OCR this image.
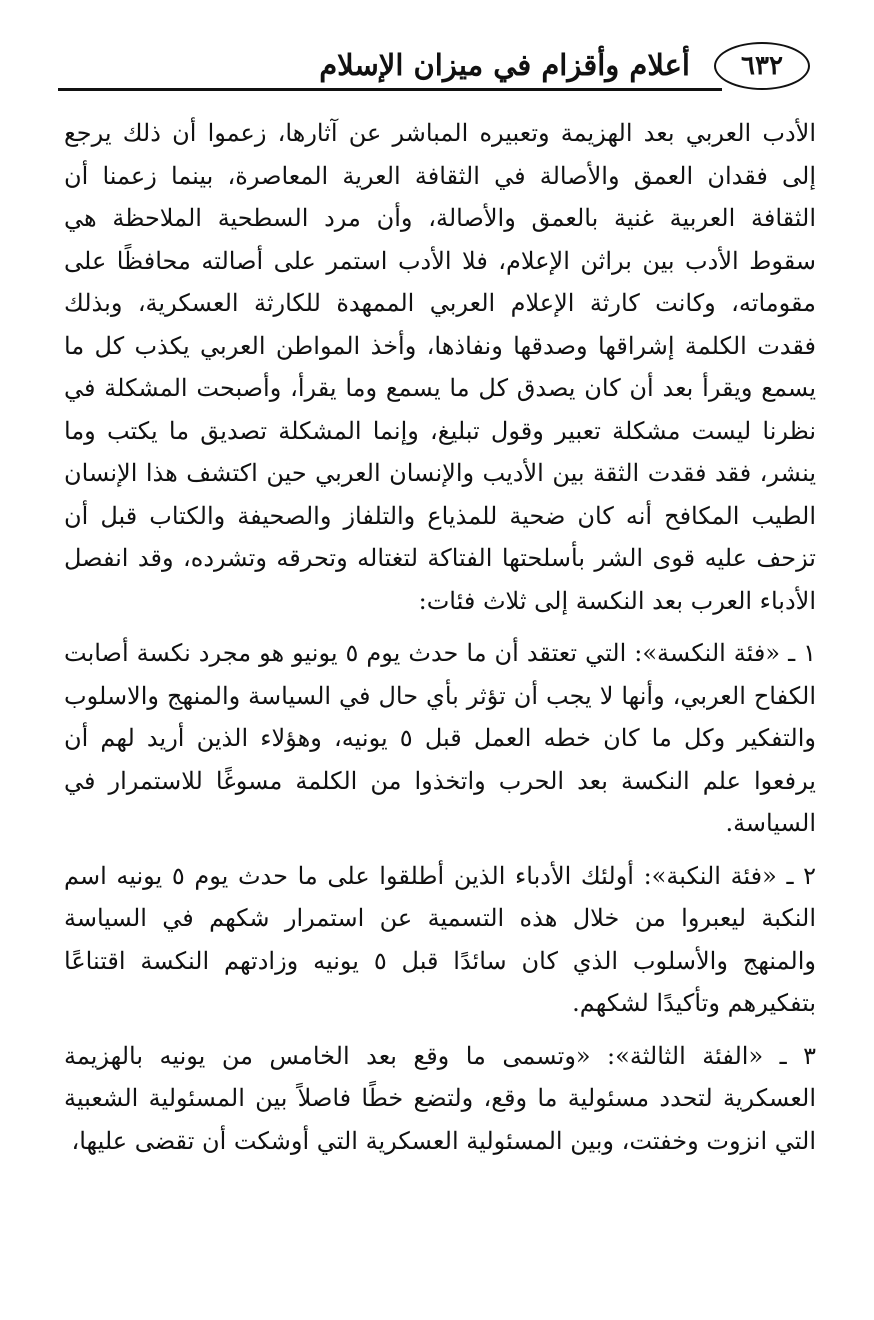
٦٣٢
أعلام وأقزام في ميزان الإسلام

الأدب العربي بعد الهزيمة وتعبيره المباشر عن آثارها، زعموا أن ذلك يرجع إلى فقدان العمق والأصالة في الثقافة العرية المعاصرة، بينما زعمنا أن الثقافة العربية غنية بالعمق والأصالة، وأن مرد السطحية الملاحظة هي سقوط الأدب بين براثن الإعلام، فلا الأدب استمر على أصالته محافظًا على مقوماته، وكانت كارثة الإعلام العربي الممهدة للكارثة العسكرية، وبذلك فقدت الكلمة إشراقها وصدقها ونفاذها، وأخذ المواطن العربي يكذب كل ما يسمع ويقرأ بعد أن كان يصدق كل ما يسمع وما يقرأ، وأصبحت المشكلة في نظرنا ليست مشكلة تعبير وقول تبليغ، وإنما المشكلة تصديق ما يكتب وما ينشر، فقد فقدت الثقة بين الأديب والإنسان العربي حين اكتشف هذا الإنسان الطيب المكافح أنه كان ضحية للمذياع والتلفاز والصحيفة والكتاب قبل أن تزحف عليه قوى الشر بأسلحتها الفتاكة لتغتاله وتحرقه وتشرده، وقد انفصل الأدباء العرب بعد النكسة إلى ثلاث فئات:

١ ـ «فئة النكسة»: التي تعتقد أن ما حدث يوم ٥ يونيو هو مجرد نكسة أصابت الكفاح العربي، وأنها لا يجب أن تؤثر بأي حال في السياسة والمنهج والاسلوب والتفكير وكل ما كان خطه العمل قبل ٥ يونيه، وهؤلاء الذين أريد لهم أن يرفعوا علم النكسة بعد الحرب واتخذوا من الكلمة مسوغًا للاستمرار في السياسة.

٢ ـ «فئة النكبة»: أولئك الأدباء الذين أطلقوا على ما حدث يوم ٥ يونيه اسم النكبة ليعبروا من خلال هذه التسمية عن استمرار شكهم في السياسة والمنهج والأسلوب الذي كان سائدًا قبل ٥ يونيه وزادتهم النكسة اقتناعًا بتفكيرهم وتأكيدًا لشكهم.

٣ ـ «الفئة الثالثة»: «وتسمى ما وقع بعد الخامس من يونيه بالهزيمة العسكرية لتحدد مسئولية ما وقع، ولتضع خطًا فاصلاً بين المسئولية الشعبية التي انزوت وخفتت، وبين المسئولية العسكرية التي أوشكت أن تقضى عليها،
